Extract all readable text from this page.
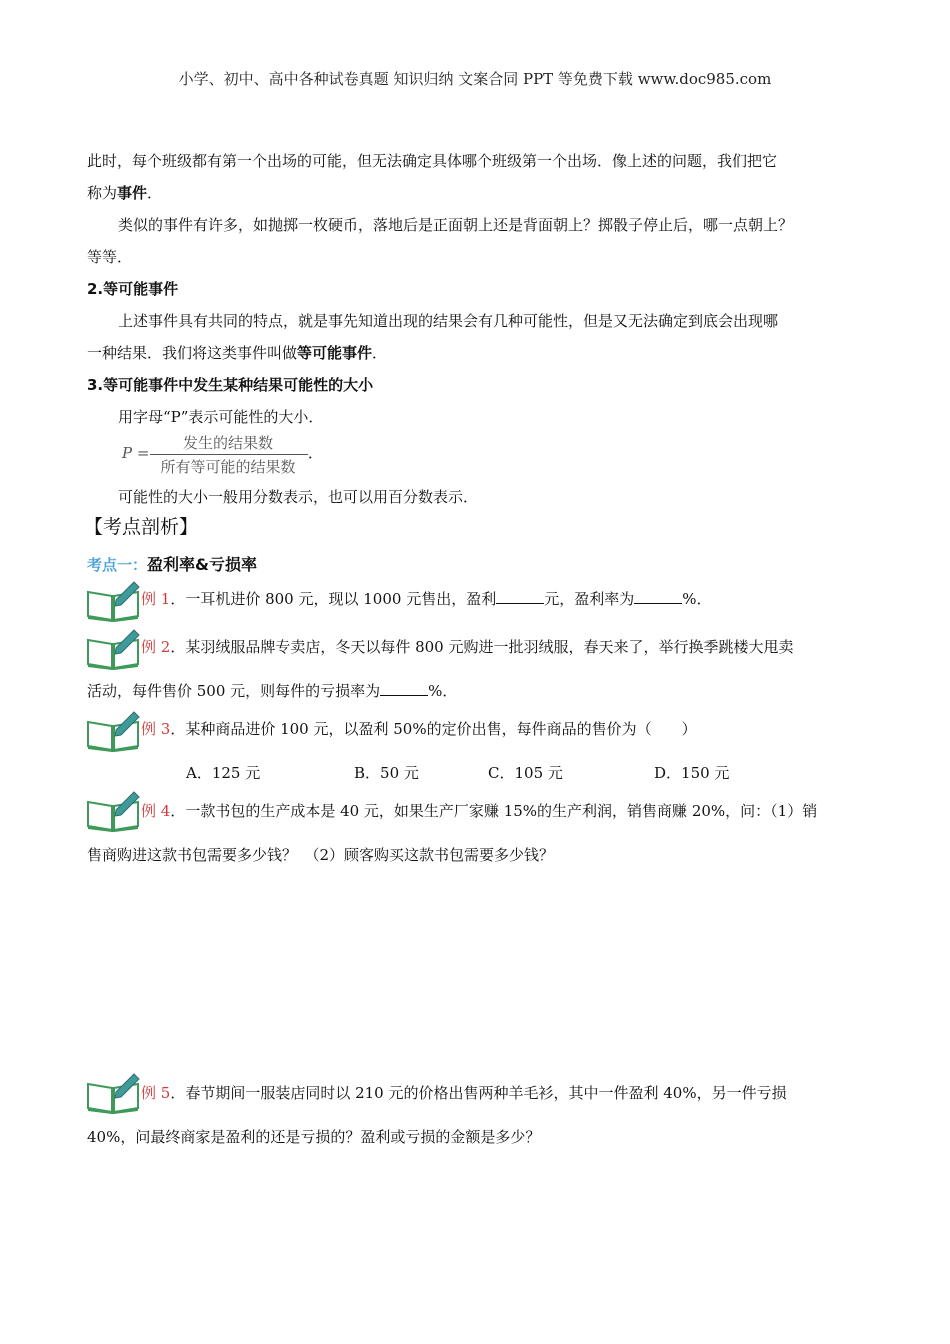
小学、初中、高中各种试卷真题 知识归纳 文案合同 PPT 等免费下载 www.doc985.com
此时，每个班级都有第一个出场的可能，但无法确定具体哪个班级第一个出场．像上述的问题，我们把它
称为事件．
类似的事件有许多，如抛掷一枚硬币，落地后是正面朝上还是背面朝上？掷骰子停止后，哪一点朝上？
等等．
2.等可能事件
上述事件具有共同的特点，就是事先知道出现的结果会有几种可能性，但是又无法确定到底会出现哪
一种结果．我们将这类事件叫做等可能事件．
3.等可能事件中发生某种结果可能性的大小
用字母“P”表示可能性的大小．
P =
发生的结果数
所有等可能的结果数
．
可能性的大小一般用分数表示，也可以用百分数表示．
【考点剖析】
考点一：盈利率&亏损率
例 1．一耳机进价 800 元，现以 1000 元售出，盈利	元，盈利率为	%．
例 2．某羽绒服品牌专卖店，冬天以每件 800 元购进一批羽绒服，春天来了，举行换季跳楼大甩卖
活动，每件售价 500 元，则每件的亏损率为	%．
例 3．某种商品进价 100 元，以盈利 50%的定价出售，每件商品的售价为（　　）
A．125 元	B．50 元	C．105 元	D．150 元
例 4．一款书包的生产成本是 40 元，如果生产厂家赚 15%的生产利润，销售商赚 20%，问：（1）销
售商购进这款书包需要多少钱？　（2）顾客购买这款书包需要多少钱？
例 5．春节期间一服装店同时以 210 元的价格出售两种羊毛衫，其中一件盈利 40%，另一件亏损
40%，问最终商家是盈利的还是亏损的？盈利或亏损的金额是多少？
